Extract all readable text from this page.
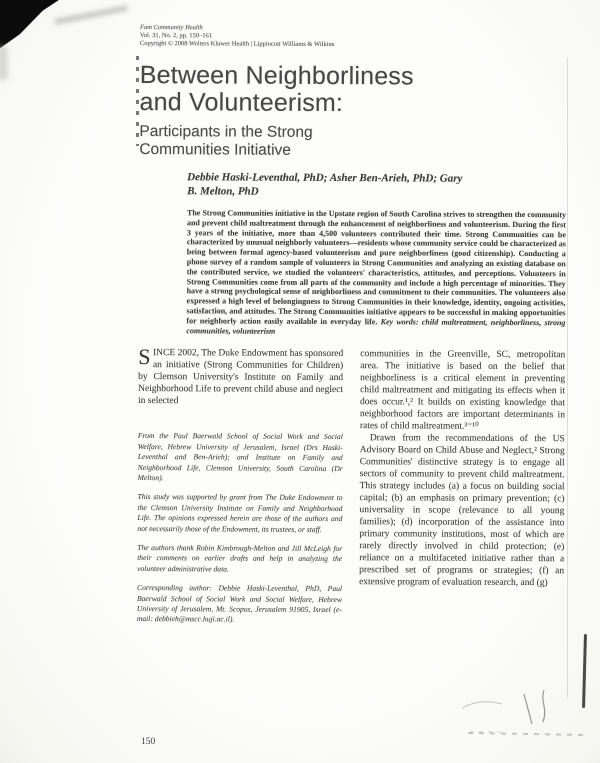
Fam Community Health
Vol. 31, No. 2, pp. 150–161
Copyright © 2008 Wolters Kluwer Health | Lippincott Williams & Wilkins
Between Neighborliness
and Volunteerism:
Participants in the Strong
Communities Initiative
Debbie Haski-Leventhal, PhD; Asher Ben-Arieh, PhD; Gary B. Melton, PhD
The Strong Communities initiative in the Upstate region of South Carolina strives to strengthen the community and prevent child maltreatment through the enhancement of neighborliness and volunteerism. During the first 3 years of the initiative, more than 4,500 volunteers contributed their time. Strong Communities can be characterized by unusual neighborly volunteers—residents whose community service could be characterized as being between formal agency-based volunteerism and pure neighborliness (good citizenship). Conducting a phone survey of a random sample of volunteers in Strong Communities and analyzing an existing database on the contributed service, we studied the volunteers' characteristics, attitudes, and perceptions. Volunteers in Strong Communities come from all parts of the community and include a high percentage of minorities. They have a strong psychological sense of neighborliness and commitment to their communities. The volunteers also expressed a high level of belongingness to Strong Communities in their knowledge, identity, ongoing activities, satisfaction, and attitudes. The Strong Communities initiative appears to be successful in making opportunities for neighborly action easily available in everyday life. Key words: child maltreatment, neighborliness, strong communities, volunteerism

SINCE 2002, The Duke Endowment has sponsored an initiative (Strong Communities for Children) by Clemson University's Institute on Family and Neighborhood Life to prevent child abuse and neglect in selected

From the Paul Baerwald School of Social Work and Social Welfare, Hebrew University of Jerusalem, Israel (Drs Haski-Leventhal and Ben-Arieh); and Institute on Family and Neighborhood Life, Clemson University, South Carolina (Dr Melton).

This study was supported by grant from The Duke Endowment to the Clemson University Institute on Family and Neighborhood Life. The opinions expressed herein are those of the authors and not necessarily those of the Endowment, its trustees, or staff.

The authors thank Robin Kimbrough-Melton and Jill McLeigh for their comments on earlier drafts and help in analyzing the volunteer administrative data.

Corresponding author: Debbie Haski-Leventhal, PhD, Paul Baerwald School of Social Work and Social Welfare, Hebrew University of Jerusalem, Mt. Scopus, Jerusalem 91905, Israel (e-mail: debbieh@mscc.huji.ac.il).

communities in the Greenville, SC, metropolitan area. The initiative is based on the belief that neighborliness is a critical element in preventing child maltreatment and mitigating its effects when it does occur.¹,² It builds on existing knowledge that neighborhood factors are important determinants in rates of child maltreatment.³⁻¹⁰

Drawn from the recommendations of the US Advisory Board on Child Abuse and Neglect,² Strong Communities' distinctive strategy is to engage all sectors of community to prevent child maltreatment. This strategy includes (a) a focus on building social capital; (b) an emphasis on primary prevention; (c) universality in scope (relevance to all young families); (d) incorporation of the assistance into primary community institutions, most of which are rarely directly involved in child protection; (e) reliance on a multifaceted initiative rather than a prescribed set of programs or strategies; (f) an extensive program of evaluation research, and (g)

150
